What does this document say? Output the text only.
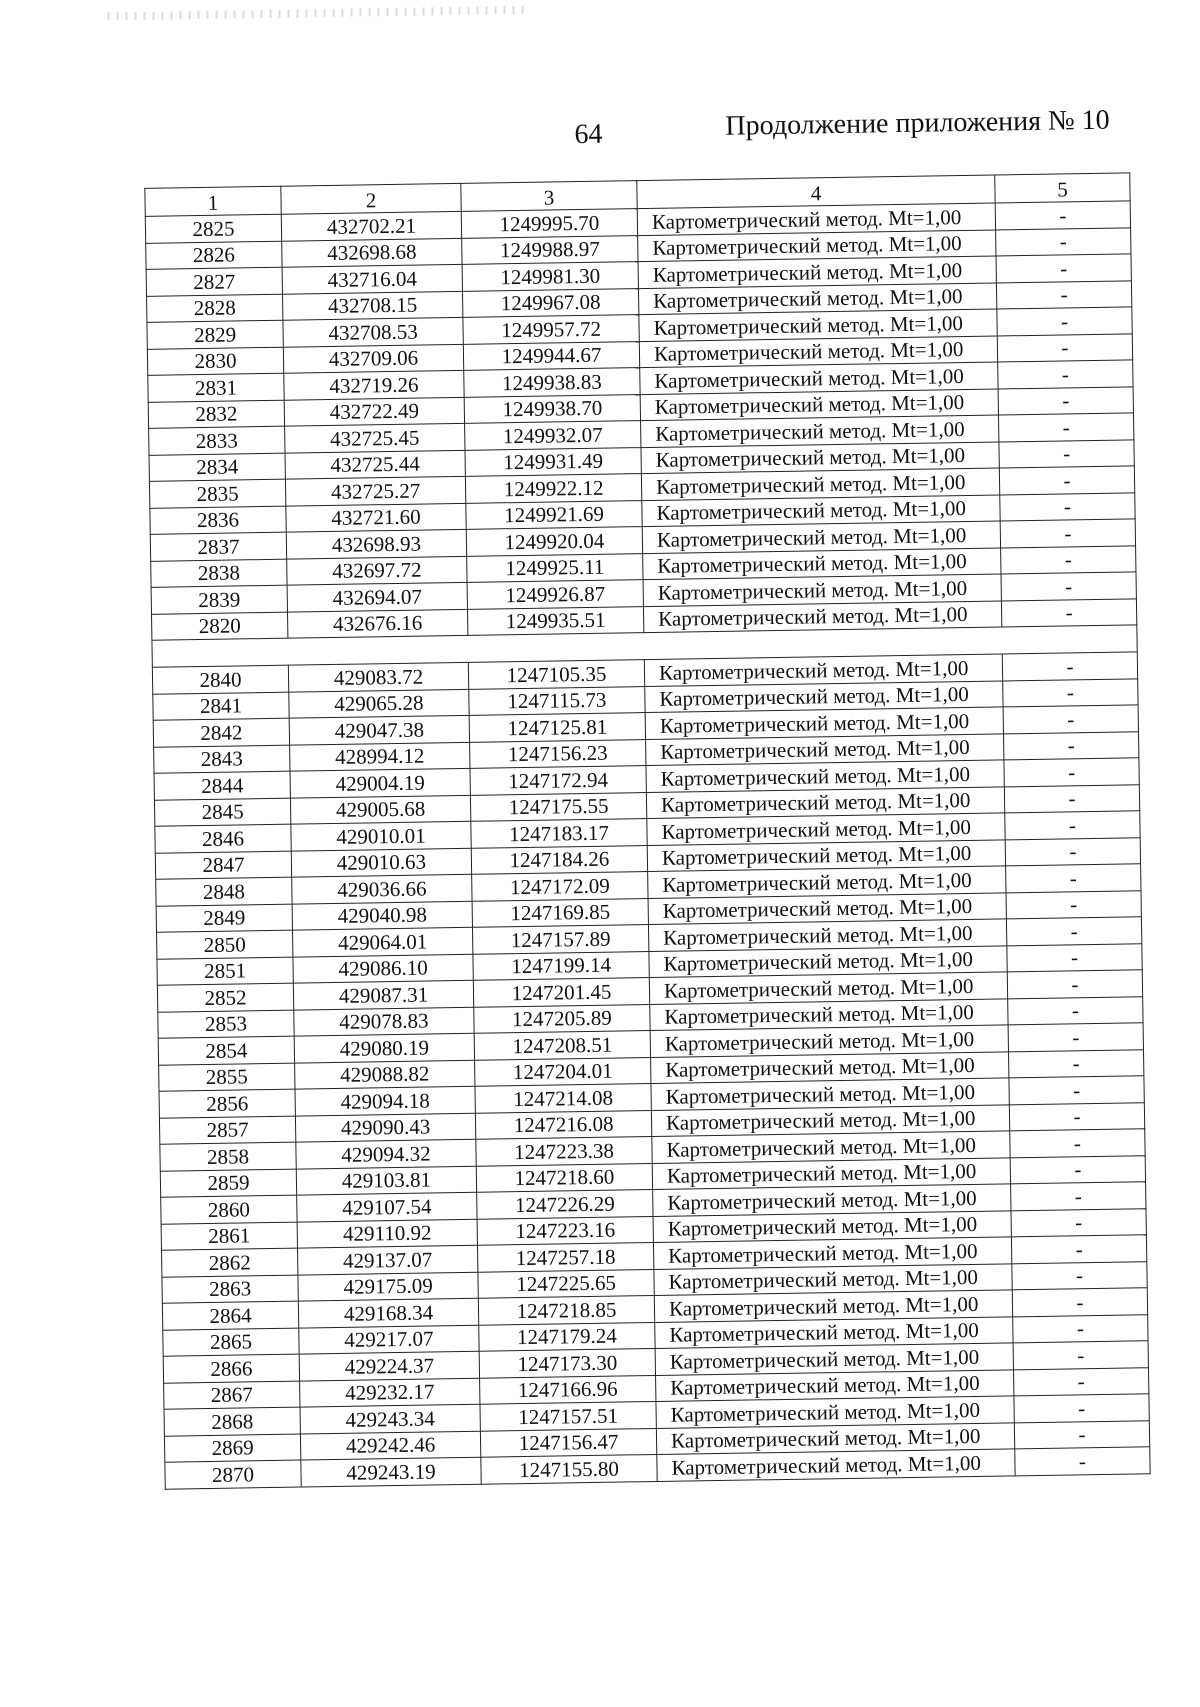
64	Продолжение приложения № 10
1	2	3	4	5
2825	432702.21	1249995.70	Картометрический метод. Mt=1,00	-
2826	432698.68	1249988.97	Картометрический метод. Mt=1,00	-
2827	432716.04	1249981.30	Картометрический метод. Mt=1,00	-
2828	432708.15	1249967.08	Картометрический метод. Mt=1,00	-
2829	432708.53	1249957.72	Картометрический метод. Mt=1,00	-
2830	432709.06	1249944.67	Картометрический метод. Mt=1,00	-
2831	432719.26	1249938.83	Картометрический метод. Mt=1,00	-
2832	432722.49	1249938.70	Картометрический метод. Mt=1,00	-
2833	432725.45	1249932.07	Картометрический метод. Mt=1,00	-
2834	432725.44	1249931.49	Картометрический метод. Mt=1,00	-
2835	432725.27	1249922.12	Картометрический метод. Mt=1,00	-
2836	432721.60	1249921.69	Картометрический метод. Mt=1,00	-
2837	432698.93	1249920.04	Картометрический метод. Mt=1,00	-
2838	432697.72	1249925.11	Картометрический метод. Mt=1,00	-
2839	432694.07	1249926.87	Картометрический метод. Mt=1,00	-
2820	432676.16	1249935.51	Картометрический метод. Mt=1,00	-

2840	429083.72	1247105.35	Картометрический метод. Mt=1,00	-
2841	429065.28	1247115.73	Картометрический метод. Mt=1,00	-
2842	429047.38	1247125.81	Картометрический метод. Mt=1,00	-
2843	428994.12	1247156.23	Картометрический метод. Mt=1,00	-
2844	429004.19	1247172.94	Картометрический метод. Mt=1,00	-
2845	429005.68	1247175.55	Картометрический метод. Mt=1,00	-
2846	429010.01	1247183.17	Картометрический метод. Mt=1,00	-
2847	429010.63	1247184.26	Картометрический метод. Mt=1,00	-
2848	429036.66	1247172.09	Картометрический метод. Mt=1,00	-
2849	429040.98	1247169.85	Картометрический метод. Mt=1,00	-
2850	429064.01	1247157.89	Картометрический метод. Mt=1,00	-
2851	429086.10	1247199.14	Картометрический метод. Mt=1,00	-
2852	429087.31	1247201.45	Картометрический метод. Mt=1,00	-
2853	429078.83	1247205.89	Картометрический метод. Mt=1,00	-
2854	429080.19	1247208.51	Картометрический метод. Mt=1,00	-
2855	429088.82	1247204.01	Картометрический метод. Mt=1,00	-
2856	429094.18	1247214.08	Картометрический метод. Mt=1,00	-
2857	429090.43	1247216.08	Картометрический метод. Mt=1,00	-
2858	429094.32	1247223.38	Картометрический метод. Mt=1,00	-
2859	429103.81	1247218.60	Картометрический метод. Mt=1,00	-
2860	429107.54	1247226.29	Картометрический метод. Mt=1,00	-
2861	429110.92	1247223.16	Картометрический метод. Mt=1,00	-
2862	429137.07	1247257.18	Картометрический метод. Mt=1,00	-
2863	429175.09	1247225.65	Картометрический метод. Mt=1,00	-
2864	429168.34	1247218.85	Картометрический метод. Mt=1,00	-
2865	429217.07	1247179.24	Картометрический метод. Mt=1,00	-
2866	429224.37	1247173.30	Картометрический метод. Mt=1,00	-
2867	429232.17	1247166.96	Картометрический метод. Mt=1,00	-
2868	429243.34	1247157.51	Картометрический метод. Mt=1,00	-
2869	429242.46	1247156.47	Картометрический метод. Mt=1,00	-
2870	429243.19	1247155.80	Картометрический метод. Mt=1,00	-
